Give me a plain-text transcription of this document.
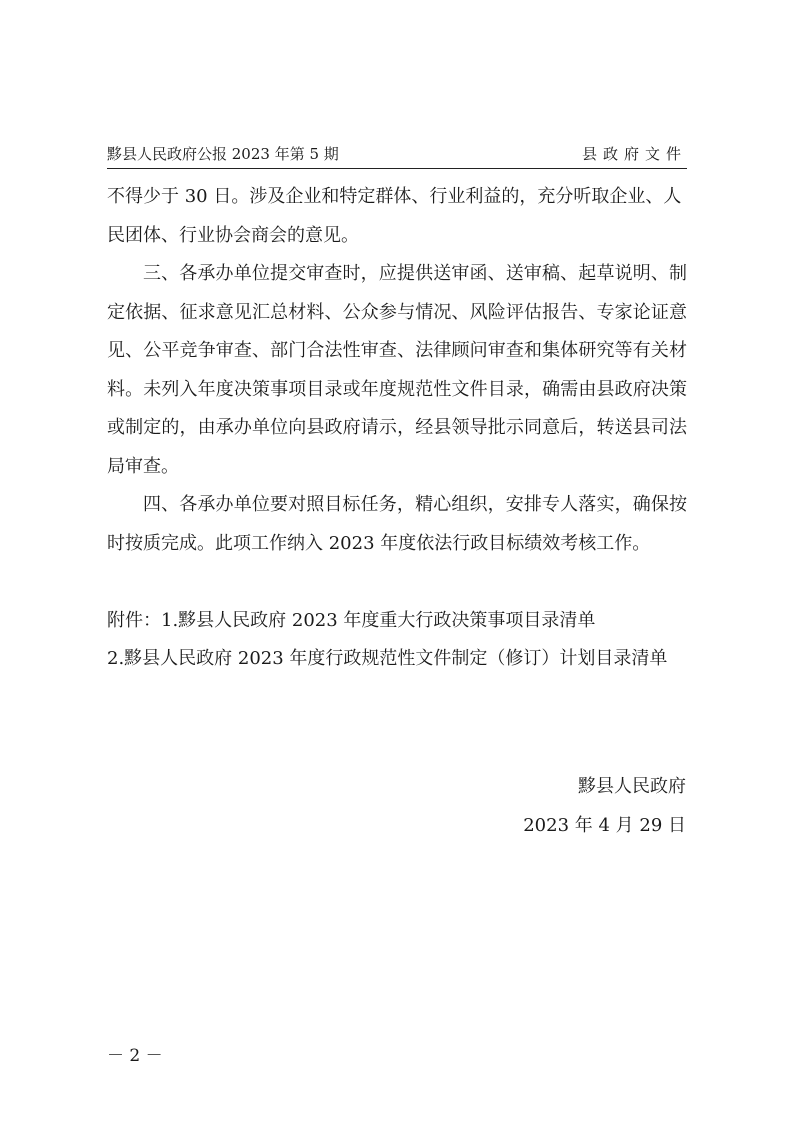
黟县人民政府公报 2023 年第 5 期	县政府文件

不得少于 30 日。涉及企业和特定群体、行业利益的，充分听取企业、人

民团体、行业协会商会的意见。

三、各承办单位提交审查时，应提供送审函、送审稿、起草说明、制定依据、征求意见汇总材料、公众参与情况、风险评估报告、专家论证意见、公平竞争审查、部门合法性审查、法律顾问审查和集体研究等有关材料。未列入年度决策事项目录或年度规范性文件目录，确需由县政府决策或制定的，由承办单位向县政府请示，经县领导批示同意后，转送县司法局审查。

四、各承办单位要对照目标任务，精心组织，安排专人落实，确保按时按质完成。此项工作纳入 2023 年度依法行政目标绩效考核工作。

附件：1.黟县人民政府 2023 年度重大行政决策事项目录清单

2.黟县人民政府 2023 年度行政规范性文件制定（修订）计划目录清单

黟县人民政府

2023 年 4 月 29 日

－ 2 －
